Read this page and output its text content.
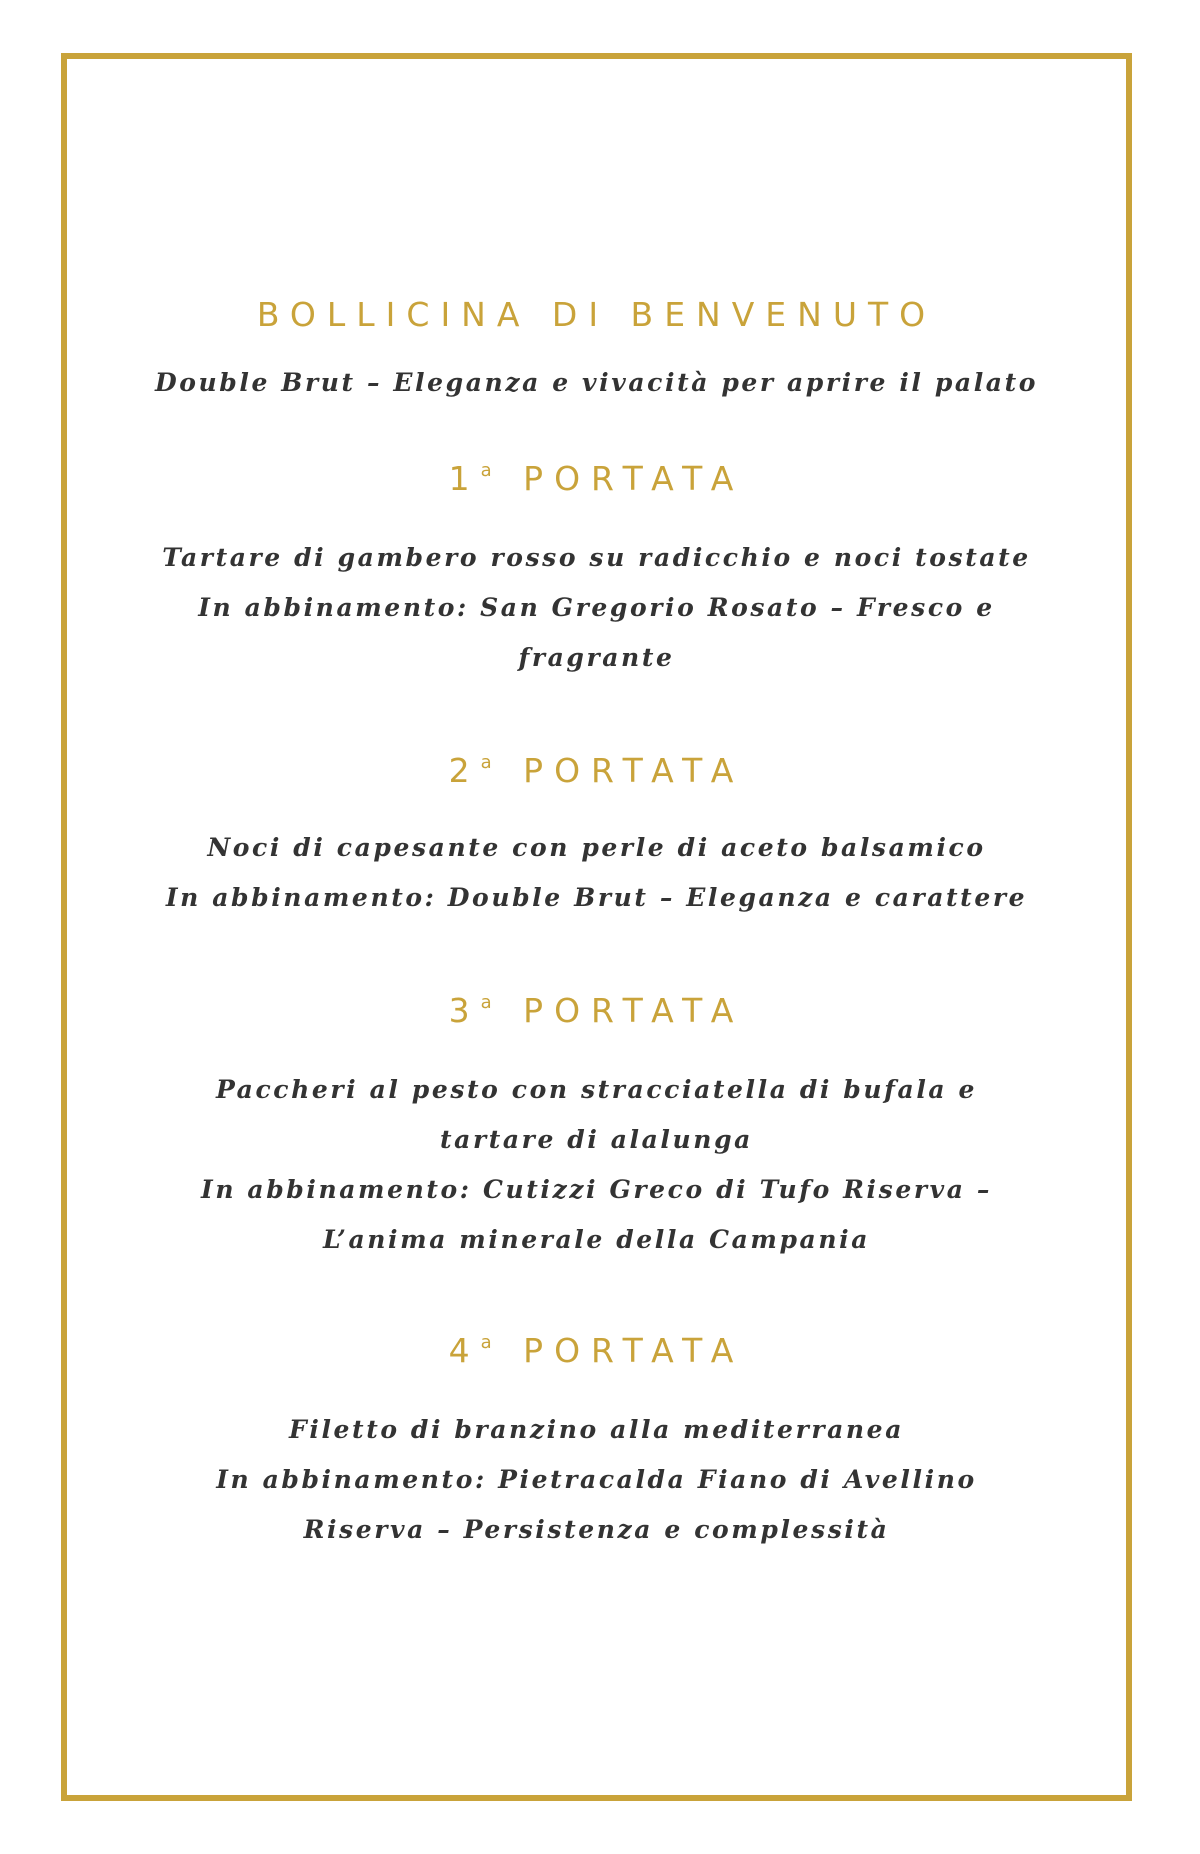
BOLLICINA DI BENVENUTO

Double Brut – Eleganza e vivacità per aprire il palato

1$^a$ PORTATA

Tartare di gambero rosso su radicchio e noci tostate

In abbinamento: San Gregorio Rosato – Fresco e

fragrante

2$^a$ PORTATA

Noci di capesante con perle di aceto balsamico

In abbinamento: Double Brut – Eleganza e carattere

3$^a$ PORTATA

Paccheri al pesto con stracciatella di bufala e

tartare di alalunga

In abbinamento: Cutizzi Greco di Tufo Riserva –

L’anima minerale della Campania

4$^a$ PORTATA

Filetto di branzino alla mediterranea

In abbinamento: Pietracalda Fiano di Avellino

Riserva – Persistenza e complessità
